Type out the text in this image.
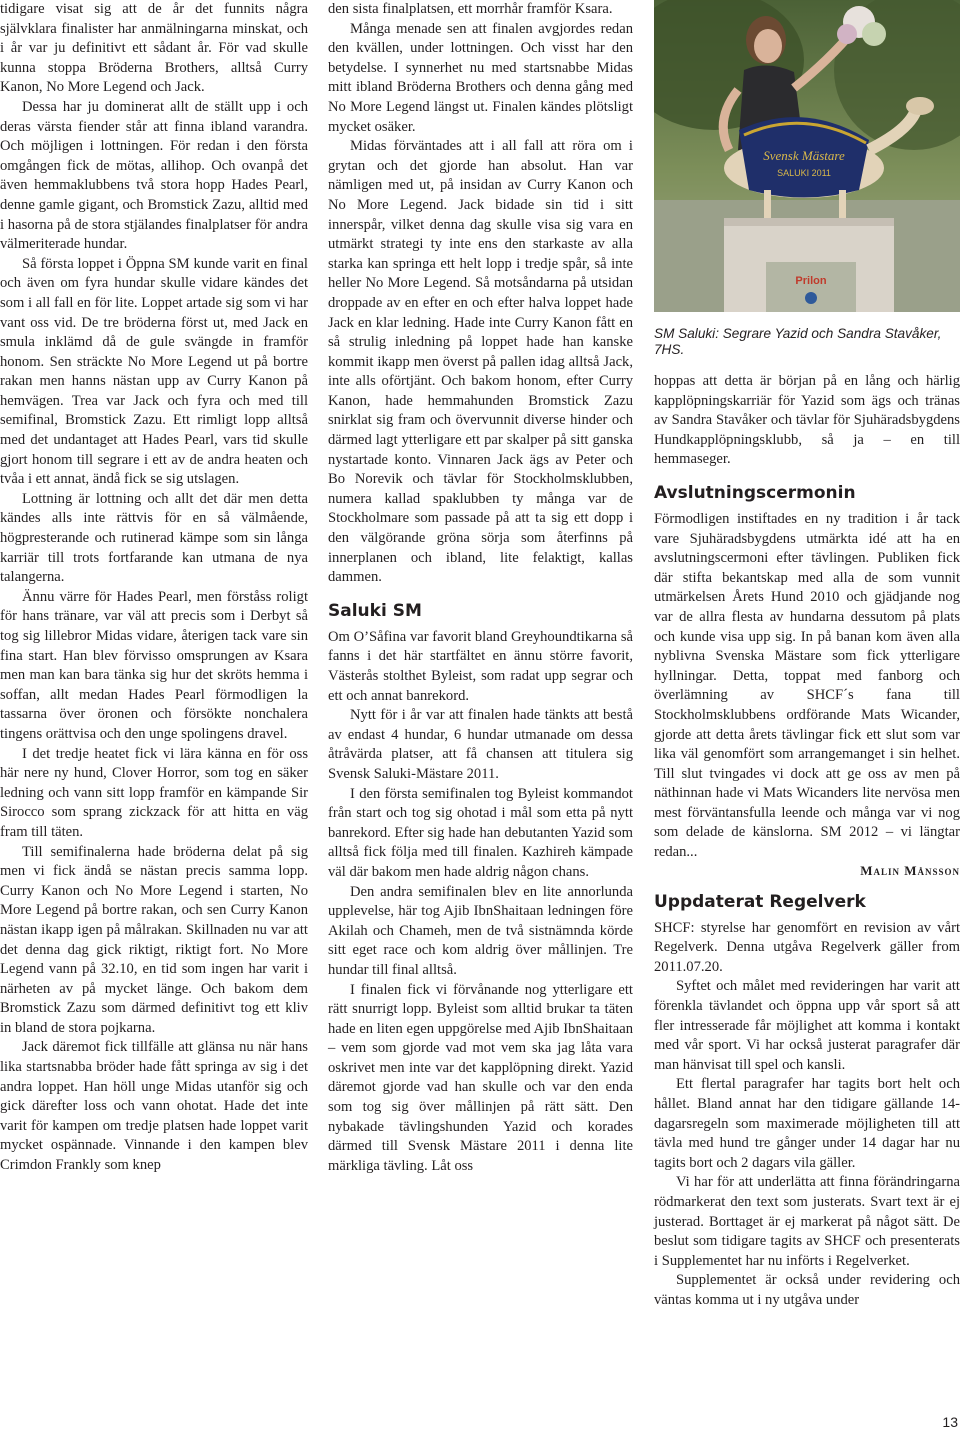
tidigare visat sig att de år det funnits några självklara finalister har anmälningarna minskat, och i år var ju definitivt ett sådant år. För vad skulle kunna stoppa Bröderna Brothers, alltså Curry Kanon, No More Legend och Jack.

Dessa har ju dominerat allt de ställt upp i och deras värsta fiender står att finna ibland varandra. Och möjligen i lottningen. För redan i den första omgången fick de mötas, allihop. Och ovanpå det även hemmaklubbens två stora hopp Hades Pearl, denne gamle gigant, och Bromstick Zazu, alltid med i hasorna på de stora stjälandes finalplatser för andra välmeriterade hundar.

Så första loppet i Öppna SM kunde varit en final och även om fyra hundar skulle vidare kändes det som i all fall en för lite. Loppet artade sig som vi har vant oss vid. De tre bröderna först ut, med Jack en smula inklämd då de gule svängde in framför honom. Sen sträckte No More Legend ut på bortre rakan men hanns nästan upp av Curry Kanon på hemvägen. Trea var Jack och fyra och med till semifinal, Bromstick Zazu. Ett rimligt lopp alltså med det undantaget att Hades Pearl, vars tid skulle gjort honom till segrare i ett av de andra heaten och tvåa i ett annat, ändå fick se sig utslagen.

Lottning är lottning och allt det där men detta kändes alls inte rättvis för en så välmående, högpresterande och rutinerad kämpe som sin långa karriär till trots fortfarande kan utmana de nya talangerna.

Ännu värre för Hades Pearl, men förståss roligt för hans tränare, var väl att precis som i Derbyt så tog sig lillebror Midas vidare, återigen tack vare sin fina start. Han blev förvisso omsprungen av Ksara men man kan bara tänka sig hur det skröts hemma i soffan, allt medan Hades Pearl förmodligen la tassarna över öronen och försökte nonchalera tingens orättvisa och den unge spolingens dravel.

I det tredje heatet fick vi lära känna en för oss här nere ny hund, Clover Horror, som tog en säker ledning och vann sitt lopp framför en kämpande Sir Sirocco som sprang zickzack för att hitta en väg fram till täten.

Till semifinalerna hade bröderna delat på sig men vi fick ändå se nästan precis samma lopp. Curry Kanon och No More Legend i starten, No More Legend på bortre rakan, och sen Curry Kanon nästan ikapp igen på målrakan. Skillnaden nu var att det denna dag gick riktigt, riktigt fort. No More Legend vann på 32.10, en tid som ingen har varit i närheten av på mycket länge. Och bakom dem Bromstick Zazu som därmed definitivt tog ett kliv in bland de stora pojkarna.

Jack däremot fick tillfälle att glänsa nu när hans lika startsnabba bröder hade fått springa av sig i det andra loppet. Han höll unge Midas utanför sig och gick därefter loss och vann ohotat. Hade det inte varit för kampen om tredje platsen hade loppet varit mycket ospännade. Vinnande i den kampen blev Crimdon Frankly som knep

den sista finalplatsen, ett morrhår framför Ksara.

Många menade sen att finalen avgjordes redan den kvällen, under lottningen. Och visst har den betydelse. I synnerhet nu med startsnabbe Midas mitt ibland Bröderna Brothers och denna gång med No More Legend längst ut. Finalen kändes plötsligt mycket osäker.

Midas förväntades att i all fall att röra om i grytan och det gjorde han absolut. Han var nämligen med ut, på insidan av Curry Kanon och No More Legend. Jack bidade sin tid i sitt innerspår, vilket denna dag skulle visa sig vara en utmärkt strategi ty inte ens den starkaste av alla starka kan springa ett helt lopp i tredje spår, så inte heller No More Legend. Så motsåndarna på utsidan droppade av en efter en och efter halva loppet hade Jack en klar ledning. Hade inte Curry Kanon fått en så strulig inledning på loppet hade han kanske kommit ikapp men överst på pallen idag alltså Jack, inte alls oförtjänt. Och bakom honom, efter Curry Kanon, hade hemmahunden Bromstick Zazu snirklat sig fram och övervunnit diverse hinder och därmed lagt ytterligare ett par skalper på sitt ganska nystartade konto. Vinnaren Jack ägs av Peter och Bo Norevik och tävlar för Stockholmsklubben, numera kallad spaklubben ty många var de Stockholmare som passade på att ta sig ett dopp i den välgörande gröna sörja som återfinns på innerplanen och ibland, lite felaktigt, kallas dammen.

Saluki SM

Om O’Såfina var favorit bland Greyhoundtikarna så fanns i det här startfältet en ännu större favorit, Västerås stolthet Byleist, som radat upp segrar och ett och annat banrekord.

Nytt för i år var att finalen hade tänkts att bestå av endast 4 hundar, 6 hundar utmanade om dessa åtråvärda platser, att få chansen att titulera sig Svensk Saluki-Mästare 2011.

I den första semifinalen tog Byleist kommandot från start och tog sig ohotad i mål som etta på nytt banrekord. Efter sig hade han debutanten Yazid som alltså fick följa med till finalen. Kazhireh kämpade väl där bakom men hade aldrig någon chans.

Den andra semifinalen blev en lite annorlunda upplevelse, här tog Ajib IbnShaitaan ledningen före Akilah och Chameh, men de två sistnämnda körde sitt eget race och kom aldrig över mållinjen. Tre hundar till final alltså.

I finalen fick vi förvånande nog ytterligare ett rätt snurrigt lopp. Byleist som alltid brukar ta täten hade en liten egen uppgörelse med Ajib IbnShaitaan – vem som gjorde vad mot vem ska jag låta vara oskrivet men inte var det kapplöpning direkt. Yazid däremot gjorde vad han skulle och var den enda som tog sig över mållinjen på rätt sätt. Den nybakade tävlingshunden Yazid och korades därmed till Svensk Mästare 2011 i denna lite märkliga tävling. Låt oss

Svensk Mästare
SALUKI 2011
Prilon

SM Saluki: Segrare Yazid och Sandra Stavåker, 7HS.

hoppas att detta är början på en lång och härlig kapplöpningskarriär för Yazid som ägs och tränas av Sandra Stavåker och tävlar för Sjuhäradsbygdens Hundkapplöpningsklubb, så ja – en till hemmaseger.

Avslutningscermonin

Förmodligen instiftades en ny tradition i år tack vare Sjuhäradsbygdens utmärkta idé att ha en avslutningscermoni efter tävlingen. Publiken fick där stifta bekantskap med alla de som vunnit utmärkelsen Årets Hund 2010 och gjädjande nog var de allra flesta av hundarna dessutom på plats och kunde visa upp sig. In på banan kom även alla nyblivna Svenska Mästare som fick ytterligare hyllningar. Detta, toppat med fanborg och överlämning av SHCF´s fana till Stockholmsklubbens ordförande Mats Wicander, gjorde att detta årets tävlingar fick ett slut som var lika väl genomfört som arrangemanget i sin helhet. Till slut tvingades vi dock att ge oss av men på näthinnan hade vi Mats Wicanders lite nervösa men mest förväntansfulla leende och många var vi nog som delade de känslorna. SM 2012 – vi längtar redan...

Malin Månsson

Uppdaterat Regelverk

SHCF: styrelse har genomfört en revision av vårt Regelverk. Denna utgåva Regelverk gäller from 2011.07.20.

Syftet och målet med revideringen har varit att förenkla tävlandet och öppna upp vår sport så att fler intresserade får möjlighet att komma i kontakt med vår sport. Vi har också justerat paragrafer där man hänvisat till spel och kansli.

Ett flertal paragrafer har tagits bort helt och hållet. Bland annat har den tidigare gällande 14-dagarsregeln som maximerade möjligheten till att tävla med hund tre gånger under 14 dagar har nu tagits bort och 2 dagars vila gäller.

Vi har för att underlätta att finna förändringarna rödmarkerat den text som justerats. Svart text är ej justerad. Borttaget är ej markerat på något sätt. De beslut som tidigare tagits av SHCF och presenterats i Supplementet har nu införts i Regelverket.

Supplementet är också under revidering och väntas komma ut i ny utgåva under

13
